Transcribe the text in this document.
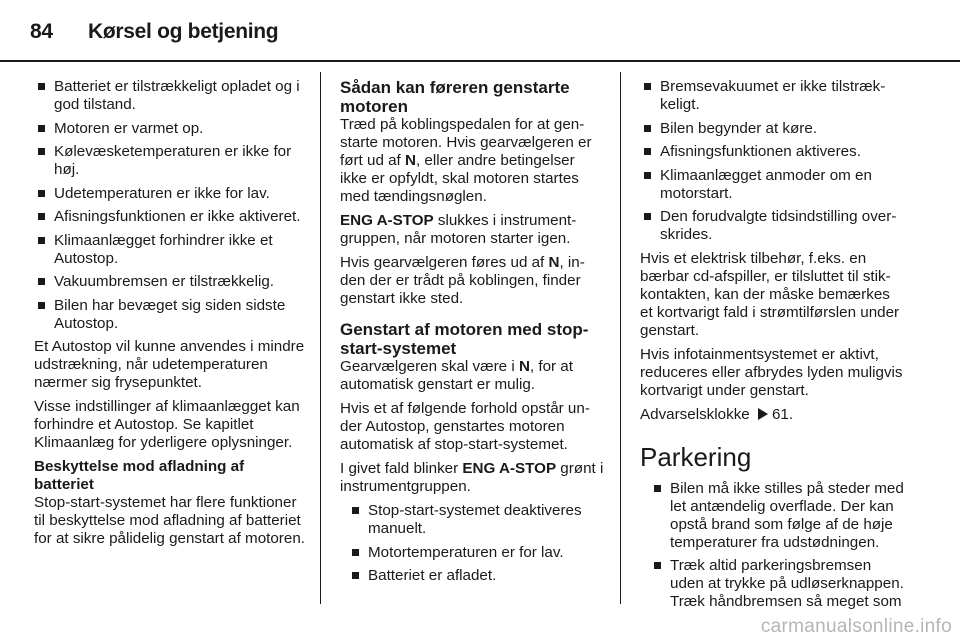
84	Kørsel og betjening
Batteriet er tilstrækkeligt opladet og i god tilstand.
Motoren er varmet op.
Kølevæsketemperaturen er ikke for høj.
Udetemperaturen er ikke for lav.
Afisningsfunktionen er ikke aktiveret.
Klimaanlægget forhindrer ikke et Autostop.
Vakuumbremsen er tilstrækkelig.
Bilen har bevæget sig siden sidste Autostop.

Et Autostop vil kunne anvendes i mindre udstrækning, når udetemperaturen nærmer sig frysepunktet.

Visse indstillinger af klimaanlægget kan forhindre et Autostop. Se kapitlet Klimaanlæg for yderligere oplysninger.

Beskyttelse mod afladning af batteriet

Stop-start-systemet har flere funktioner til beskyttelse mod afladning af batteriet for at sikre pålidelig genstart af motoren.

Sådan kan føreren genstarte motoren

Træd på koblingspedalen for at genstarte motoren. Hvis gearvælgeren er ført ud af N, eller andre betingelser ikke er opfyldt, skal motoren startes med tændingsnøglen.

ENG A-STOP slukkes i instrumentgruppen, når motoren starter igen.

Hvis gearvælgeren føres ud af N, inden der er trådt på koblingen, finder genstart ikke sted.

Genstart af motoren med stop-start-systemet

Gearvælgeren skal være i N, for at automatisk genstart er mulig.

Hvis et af følgende forhold opstår under Autostop, genstartes motoren automatisk af stop-start-systemet.

I givet fald blinker ENG A-STOP grønt i instrumentgruppen.

Stop-start-systemet deaktiveres manuelt.
Motortemperaturen er for lav.
Batteriet er afladet.
Bremsevakuumet er ikke tilstrækkeligt.
Bilen begynder at køre.
Afisningsfunktionen aktiveres.
Klimaanlægget anmoder om en motorstart.
Den forudvalgte tidsindstilling overskrides.

Hvis et elektrisk tilbehør, f.eks. en bærbar cd-afspiller, er tilsluttet til stikkontakten, kan der måske bemærkes et kortvarigt fald i strømtilførslen under genstart.

Hvis infotainmentsystemet er aktivt, reduceres eller afbrydes lyden muligvis kortvarigt under genstart.

Advarselsklokke 61.

Parkering

Bilen må ikke stilles på steder med let antændelig overflade. Der kan opstå brand som følge af de høje temperaturer fra udstødningen.
Træk altid parkeringsbremsen uden at trykke på udløserknappen. Træk håndbremsen så meget som
carmanualsonline.info
